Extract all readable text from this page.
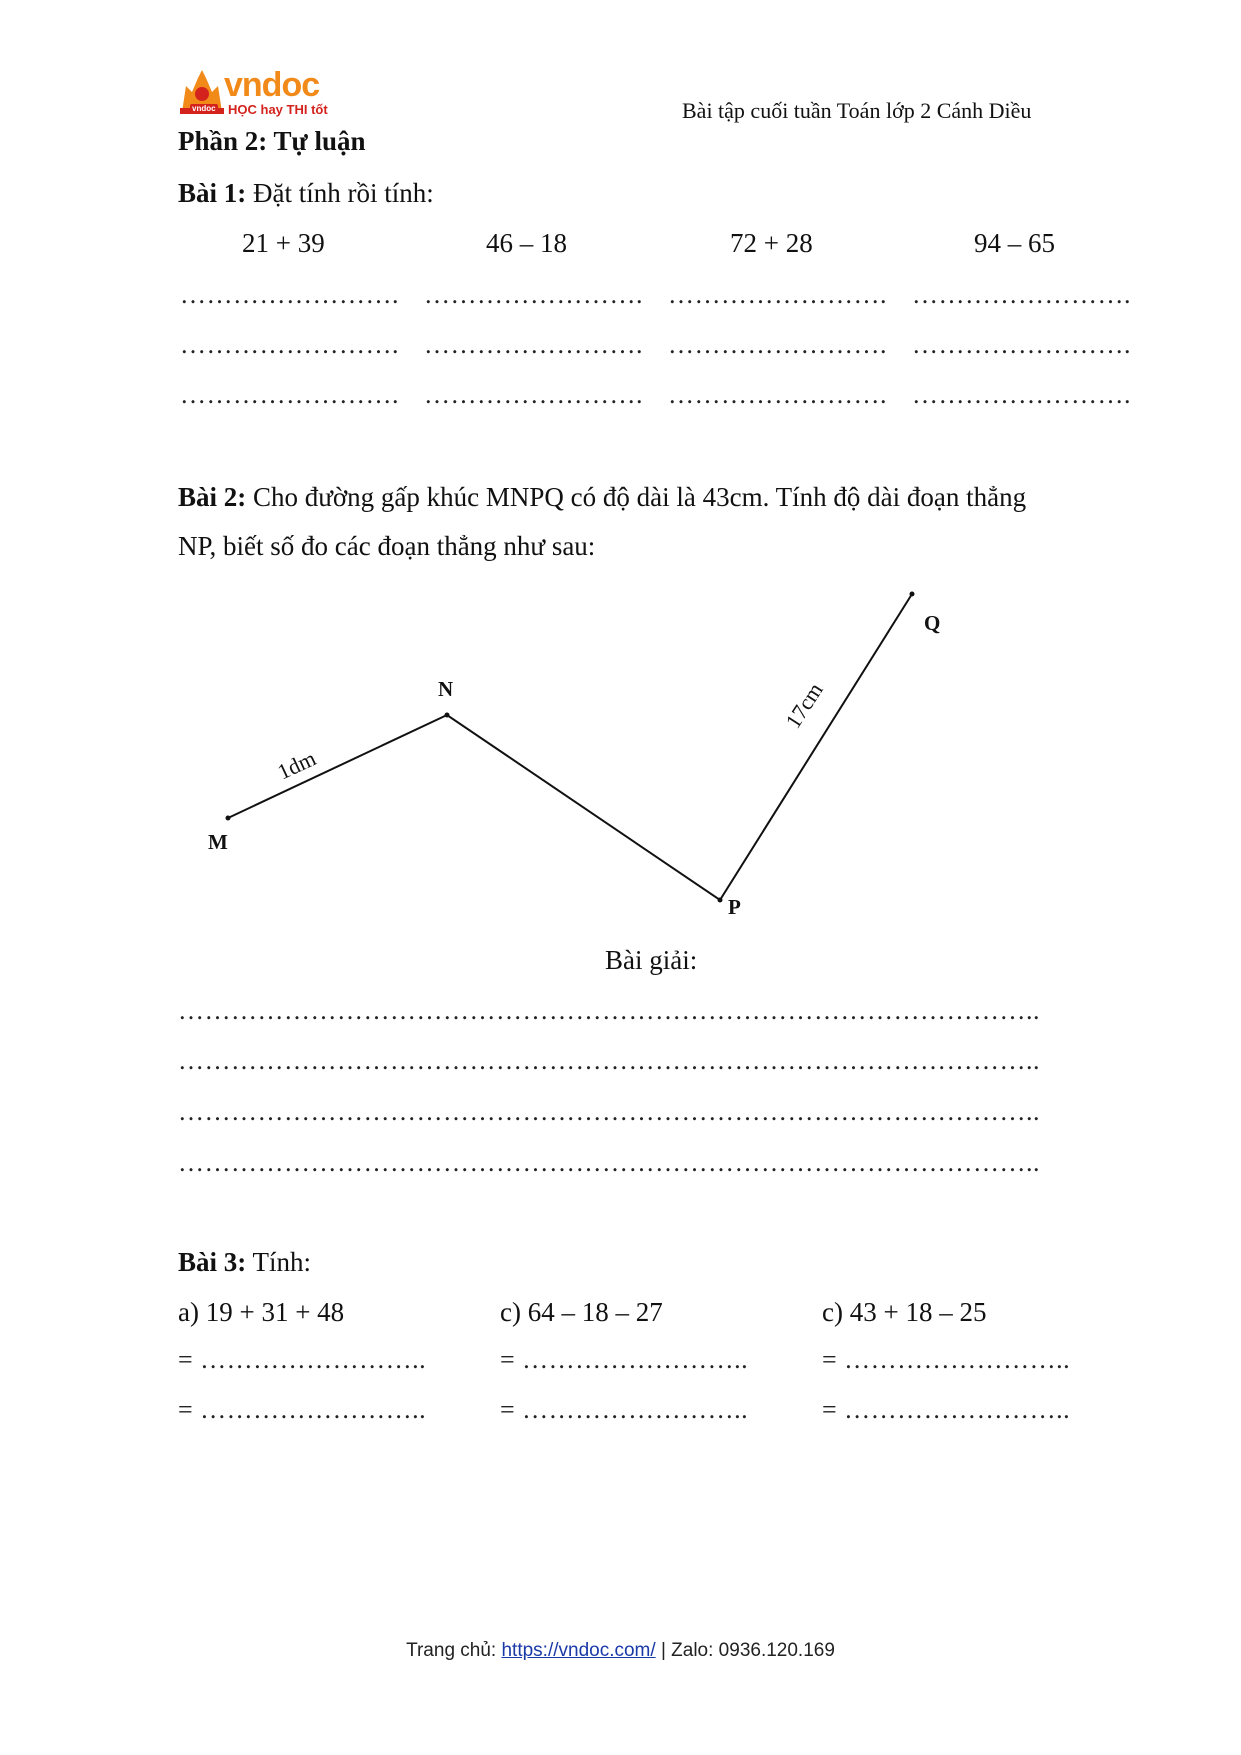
vndoc
vndoc
HỌC hay THI tốt	Bài tập cuối tuần Toán lớp 2 Cánh Diều
Phần 2: Tự luận
Bài 1: Đặt tính rồi tính:
21 + 39	46 – 18	72 + 28	94 – 65
……………………. ……………………. ……………………. …………………….
……………………. ……………………. ……………………. …………………….
……………………. ……………………. ……………………. …………………….
Bài 2: Cho đường gấp khúc MNPQ có độ dài là 43cm. Tính độ dài đoạn thẳng
NP, biết số đo các đoạn thẳng như sau:
M
N
P
Q
1dm
17cm
Bài giải:
……………………………………………………………………………………..
……………………………………………………………………………………..
……………………………………………………………………………………..
……………………………………………………………………………………..
Bài 3: Tính:
a) 19 + 31 + 48	c) 64 – 18 – 27	c) 43 + 18 – 25
= ……………………..	= ……………………..	= ……………………..
= ……………………..	= ……………………..	= ……………………..
Trang chủ: https://vndoc.com/ | Zalo: 0936.120.169
